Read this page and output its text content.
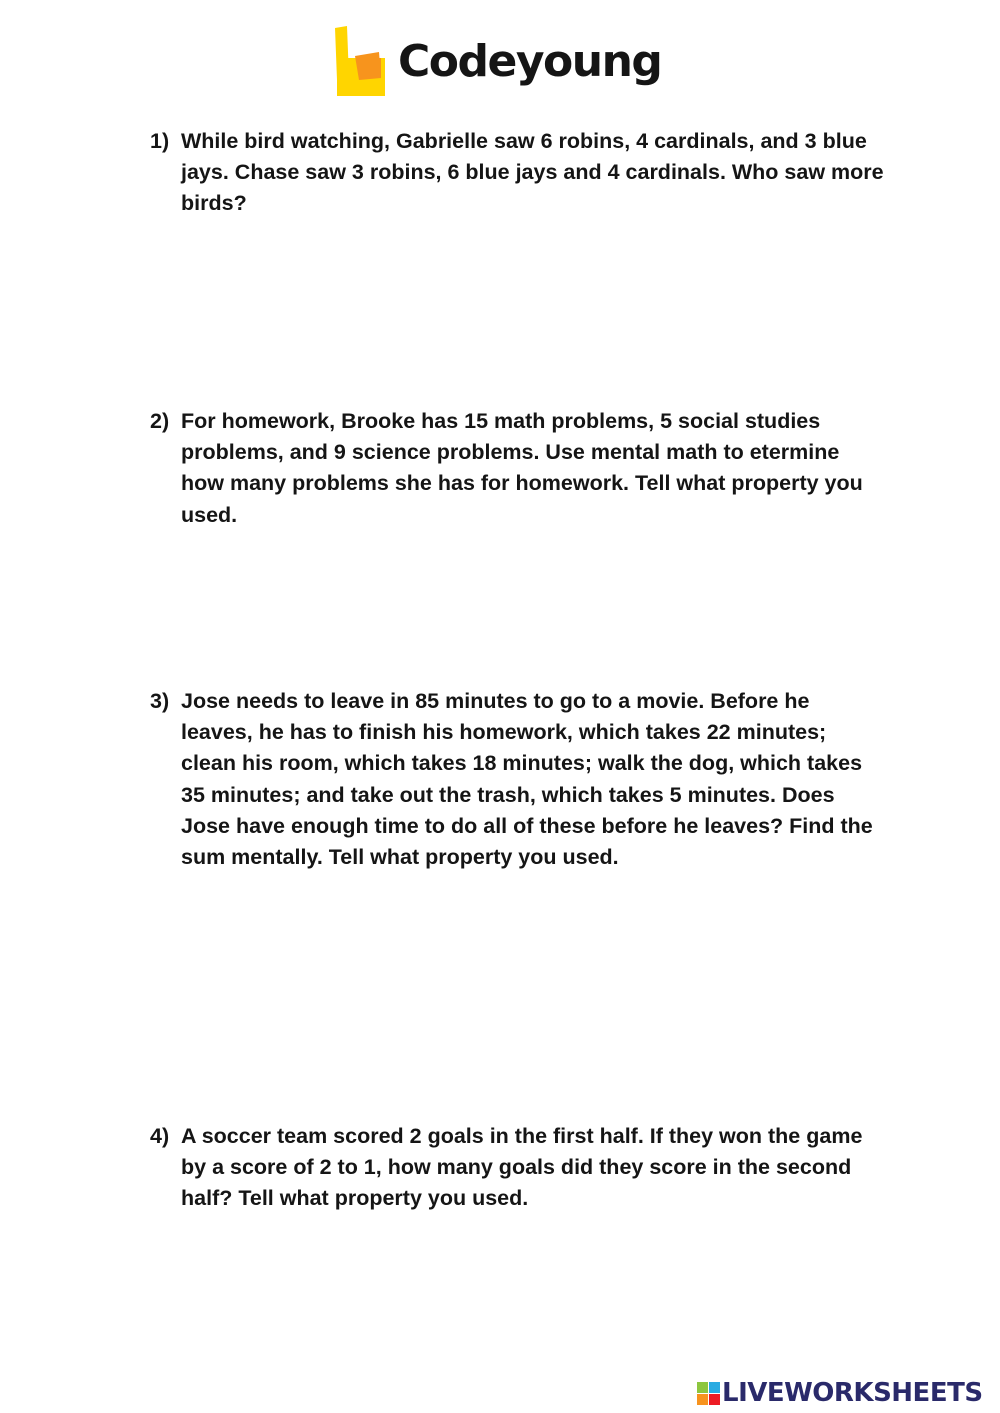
Codeyoung
1) While bird watching, Gabrielle saw 6 robins, 4 cardinals, and 3 blue jays. Chase saw 3 robins, 6 blue jays and 4 cardinals. Who saw more birds?
2) For homework, Brooke has 15 math problems, 5 social studies problems, and 9 science problems. Use mental math to etermine how many problems she has for homework. Tell what property you used.
3) Jose needs to leave in 85 minutes to go to a movie. Before he leaves, he has to finish his homework, which takes 22 minutes; clean his room, which takes 18 minutes; walk the dog, which takes 35 minutes; and take out the trash, which takes 5 minutes. Does Jose have enough time to do all of these before he leaves? Find the sum mentally. Tell what property you used.
4) A soccer team scored 2 goals in the first half. If they won the game by a score of 2 to 1, how many goals did they score in the second half? Tell what property you used.
LIVEWORKSHEETS
